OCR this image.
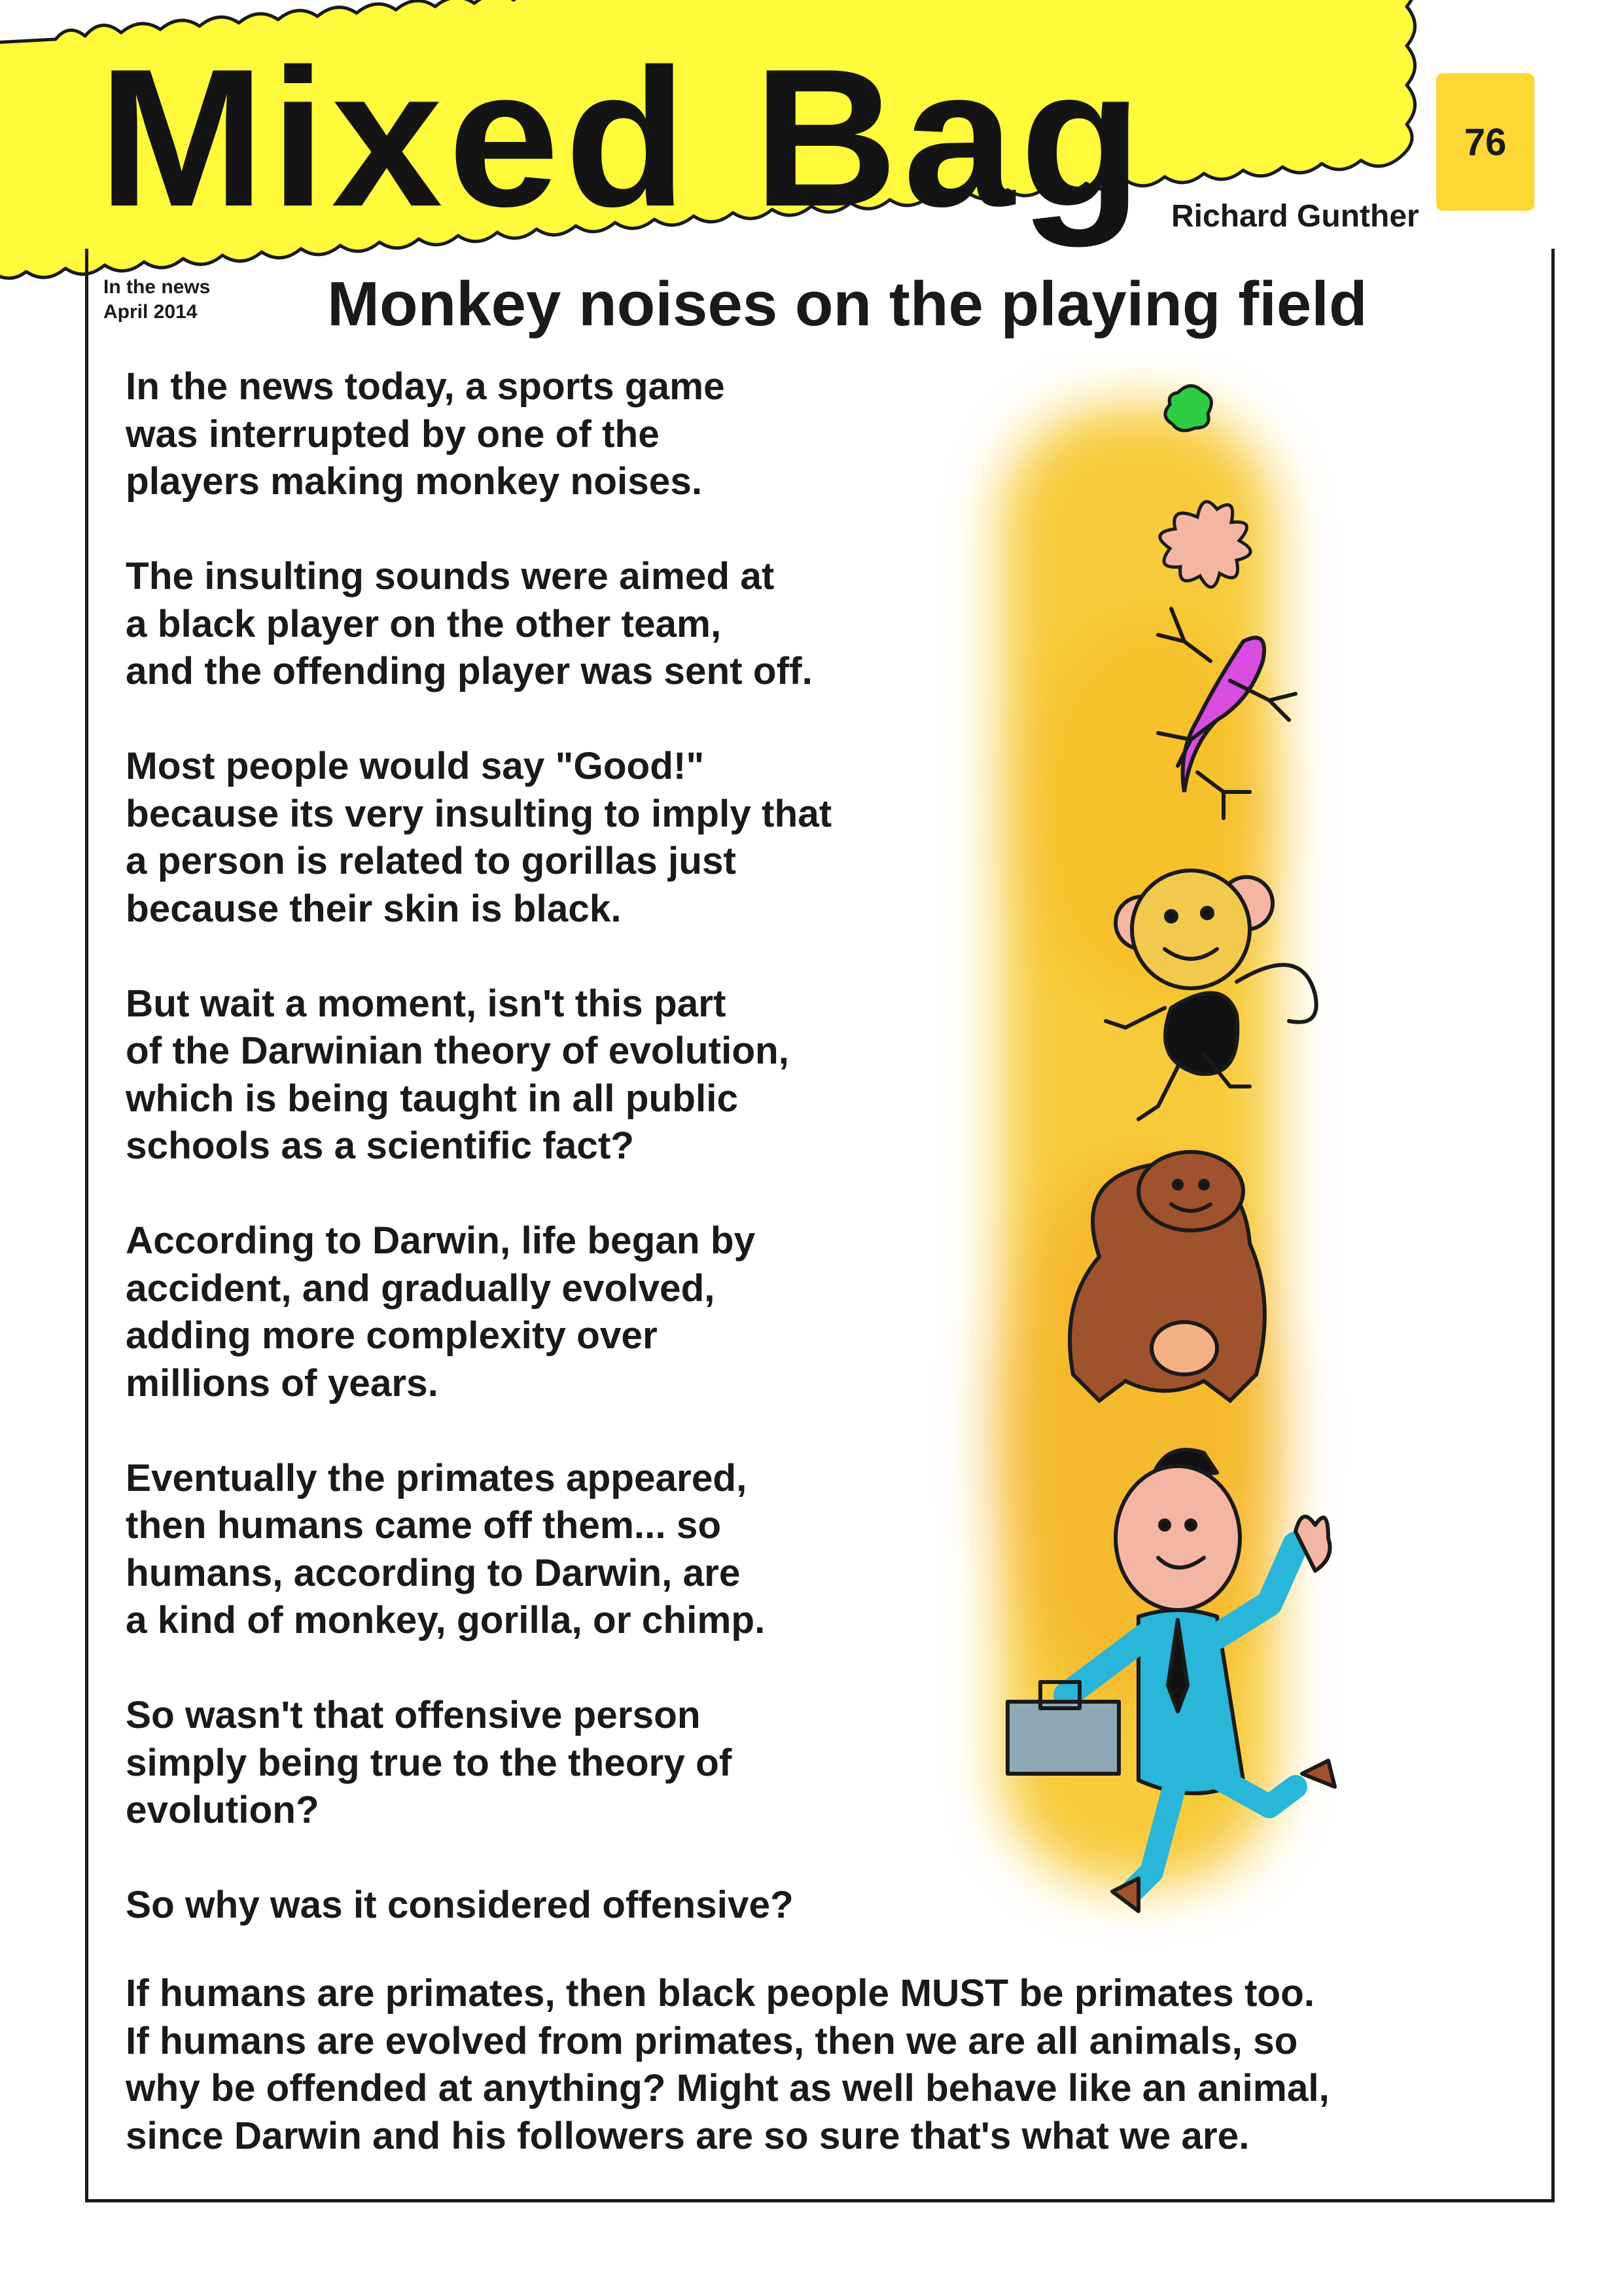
Mixed Bag	76
Richard Gunther
In the news
April 2014 Monkey noises on the playing field

In the news today, a sports game
was interrupted by one of the
players making monkey noises.

The insulting sounds were aimed at
a black player on the other team,
and the offending player was sent off.

Most people would say "Good!"
because its very insulting to imply that
a person is related to gorillas just
because their skin is black.

But wait a moment, isn't this part
of the Darwinian theory of evolution,
which is being taught in all public
schools as a scientific fact?

According to Darwin, life began by
accident, and gradually evolved,
adding more complexity over
millions of years.

Eventually the primates appeared,
then humans came off them... so
humans, according to Darwin, are
a kind of monkey, gorilla, or chimp.

So wasn't that offensive person
simply being true to the theory of
evolution?

So why was it considered offensive?

If humans are primates, then black people MUST be primates too.
If humans are evolved from primates, then we are all animals, so
why be offended at anything? Might as well behave like an animal,
since Darwin and his followers are so sure that's what we are.
